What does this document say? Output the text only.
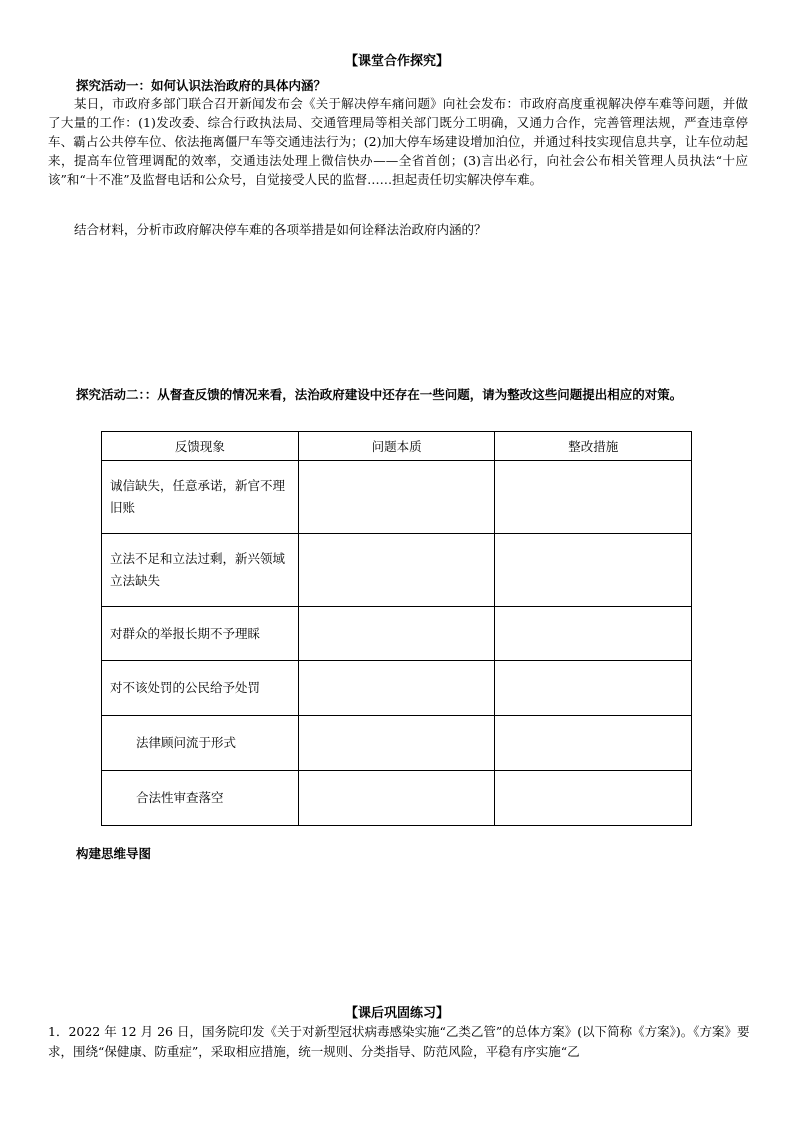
【课堂合作探究】
探究活动一：如何认识法治政府的具体内涵？
某日，市政府多部门联合召开新闻发布会《关于解决停车痛问题》向社会发布：市政府高度重视解决停车难等问题，并做了大量的工作：(1)发改委、综合行政执法局、交通管理局等相关部门既分工明确，又通力合作，完善管理法规，严查违章停车、霸占公共停车位、依法拖离僵尸车等交通违法行为；(2)加大停车场建设增加泊位，并通过科技实现信息共享，让车位动起来，提高车位管理调配的效率，交通违法处理上微信快办——全省首创；(3)言出必行，向社会公布相关管理人员执法“十应该”和“十不准”及监督电话和公众号，自觉接受人民的监督……担起责任切实解决停车难。
结合材料，分析市政府解决停车难的各项举措是如何诠释法治政府内涵的？
探究活动二：：从督查反馈的情况来看，法治政府建设中还存在一些问题，请为整改这些问题提出相应的对策。
反馈现象	问题本质	整改措施
诚信缺失，任意承诺，新官不理旧账		
立法不足和立法过剩，新兴领域立法缺失		
对群众的举报长期不予理睬		
对不该处罚的公民给予处罚		
法律顾问流于形式		
合法性审查落空		
构建思维导图
【课后巩固练习】
1．2022 年 12 月 26 日，国务院印发《关于对新型冠状病毒感染实施“乙类乙管”的总体方案》(以下简称《方案》)。《方案》要求，围绕“保健康、防重症”，采取相应措施，统一规则、分类指导、防范风险，平稳有序实施“乙
